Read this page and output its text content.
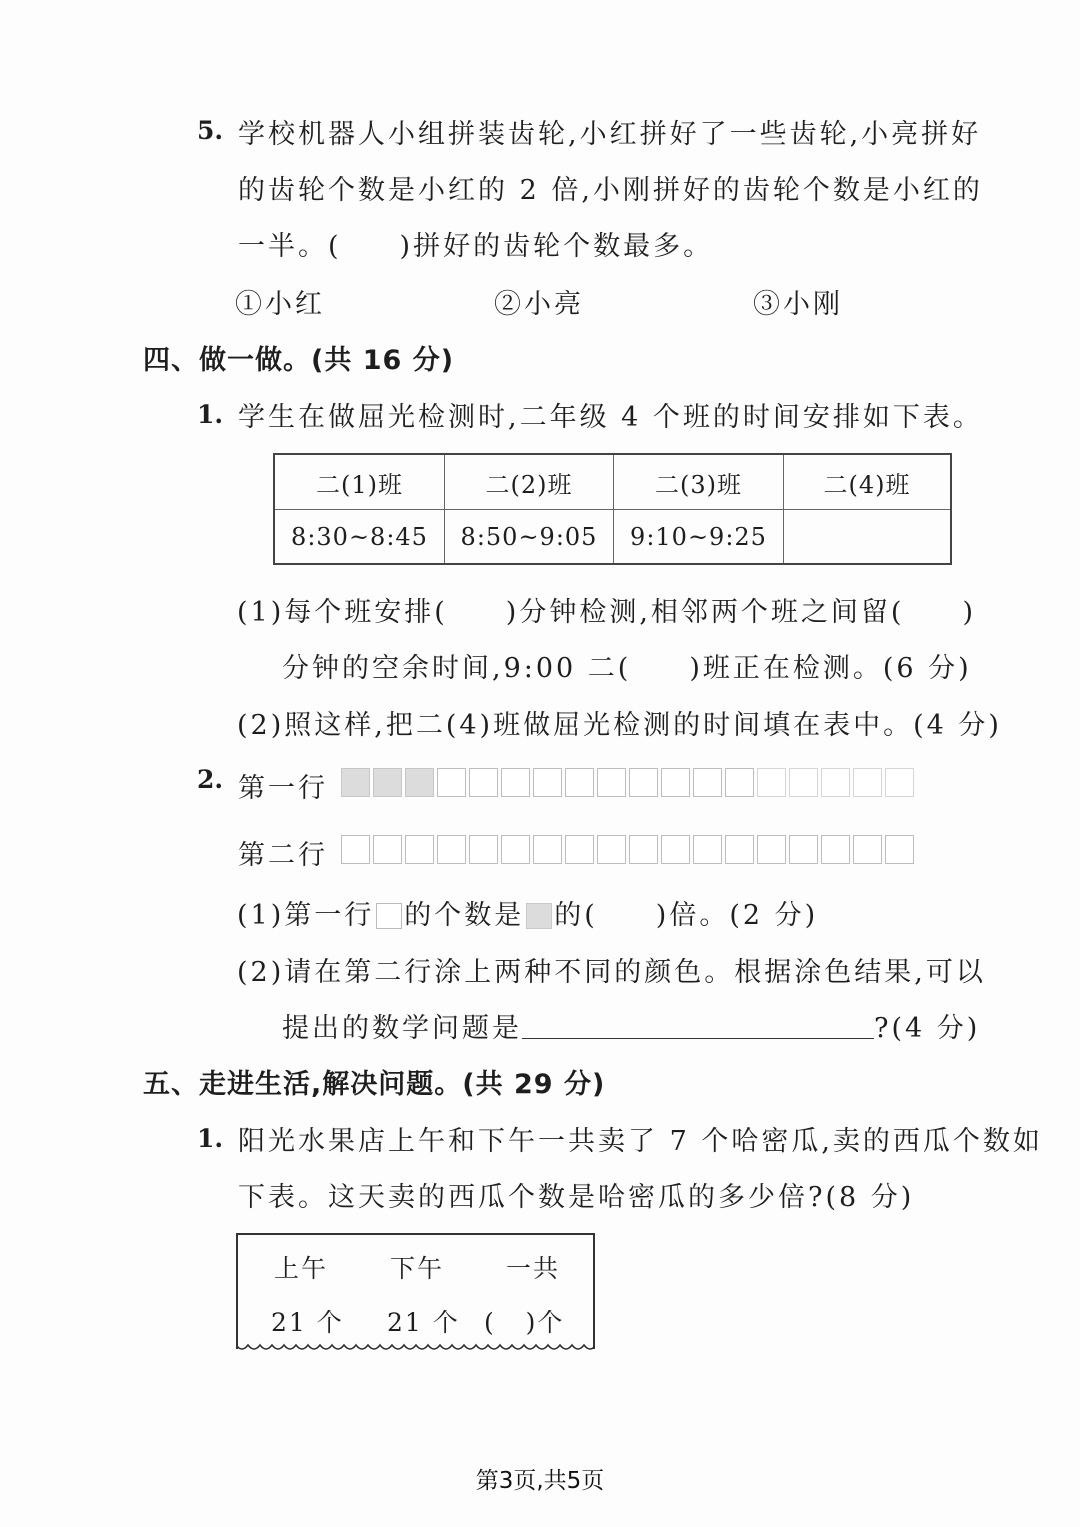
5. 学校机器人小组拼装齿轮,小红拼好了一些齿轮,小亮拼好
的齿轮个数是小红的 2 倍,小刚拼好的齿轮个数是小红的
一半。( )拼好的齿轮个数最多。
①小红	②小亮	③小刚
四、做一做。(共 16 分)
1. 学生在做屈光检测时,二年级 4 个班的时间安排如下表。
二(1)班	二(2)班	二(3)班	二(4)班
8:30~8:45	8:50~9:05	9:10~9:25
(1)每个班安排( )分钟检测,相邻两个班之间留( )
分钟的空余时间,9:00 二( )班正在检测。(6 分)
(2)照这样,把二(4)班做屈光检测的时间填在表中。(4 分)
2. 第一行
第二行
(1)第一行 的个数是 的( )倍。(2 分)
(2)请在第二行涂上两种不同的颜色。根据涂色结果,可以
提出的数学问题是	?(4 分)
五、走进生活,解决问题。(共 29 分)
1. 阳光水果店上午和下午一共卖了 7 个哈密瓜,卖的西瓜个数如
下表。这天卖的西瓜个数是哈密瓜的多少倍?(8 分)
上午 下午 一共
21 个 21 个 (   )个
第3页,共5页
